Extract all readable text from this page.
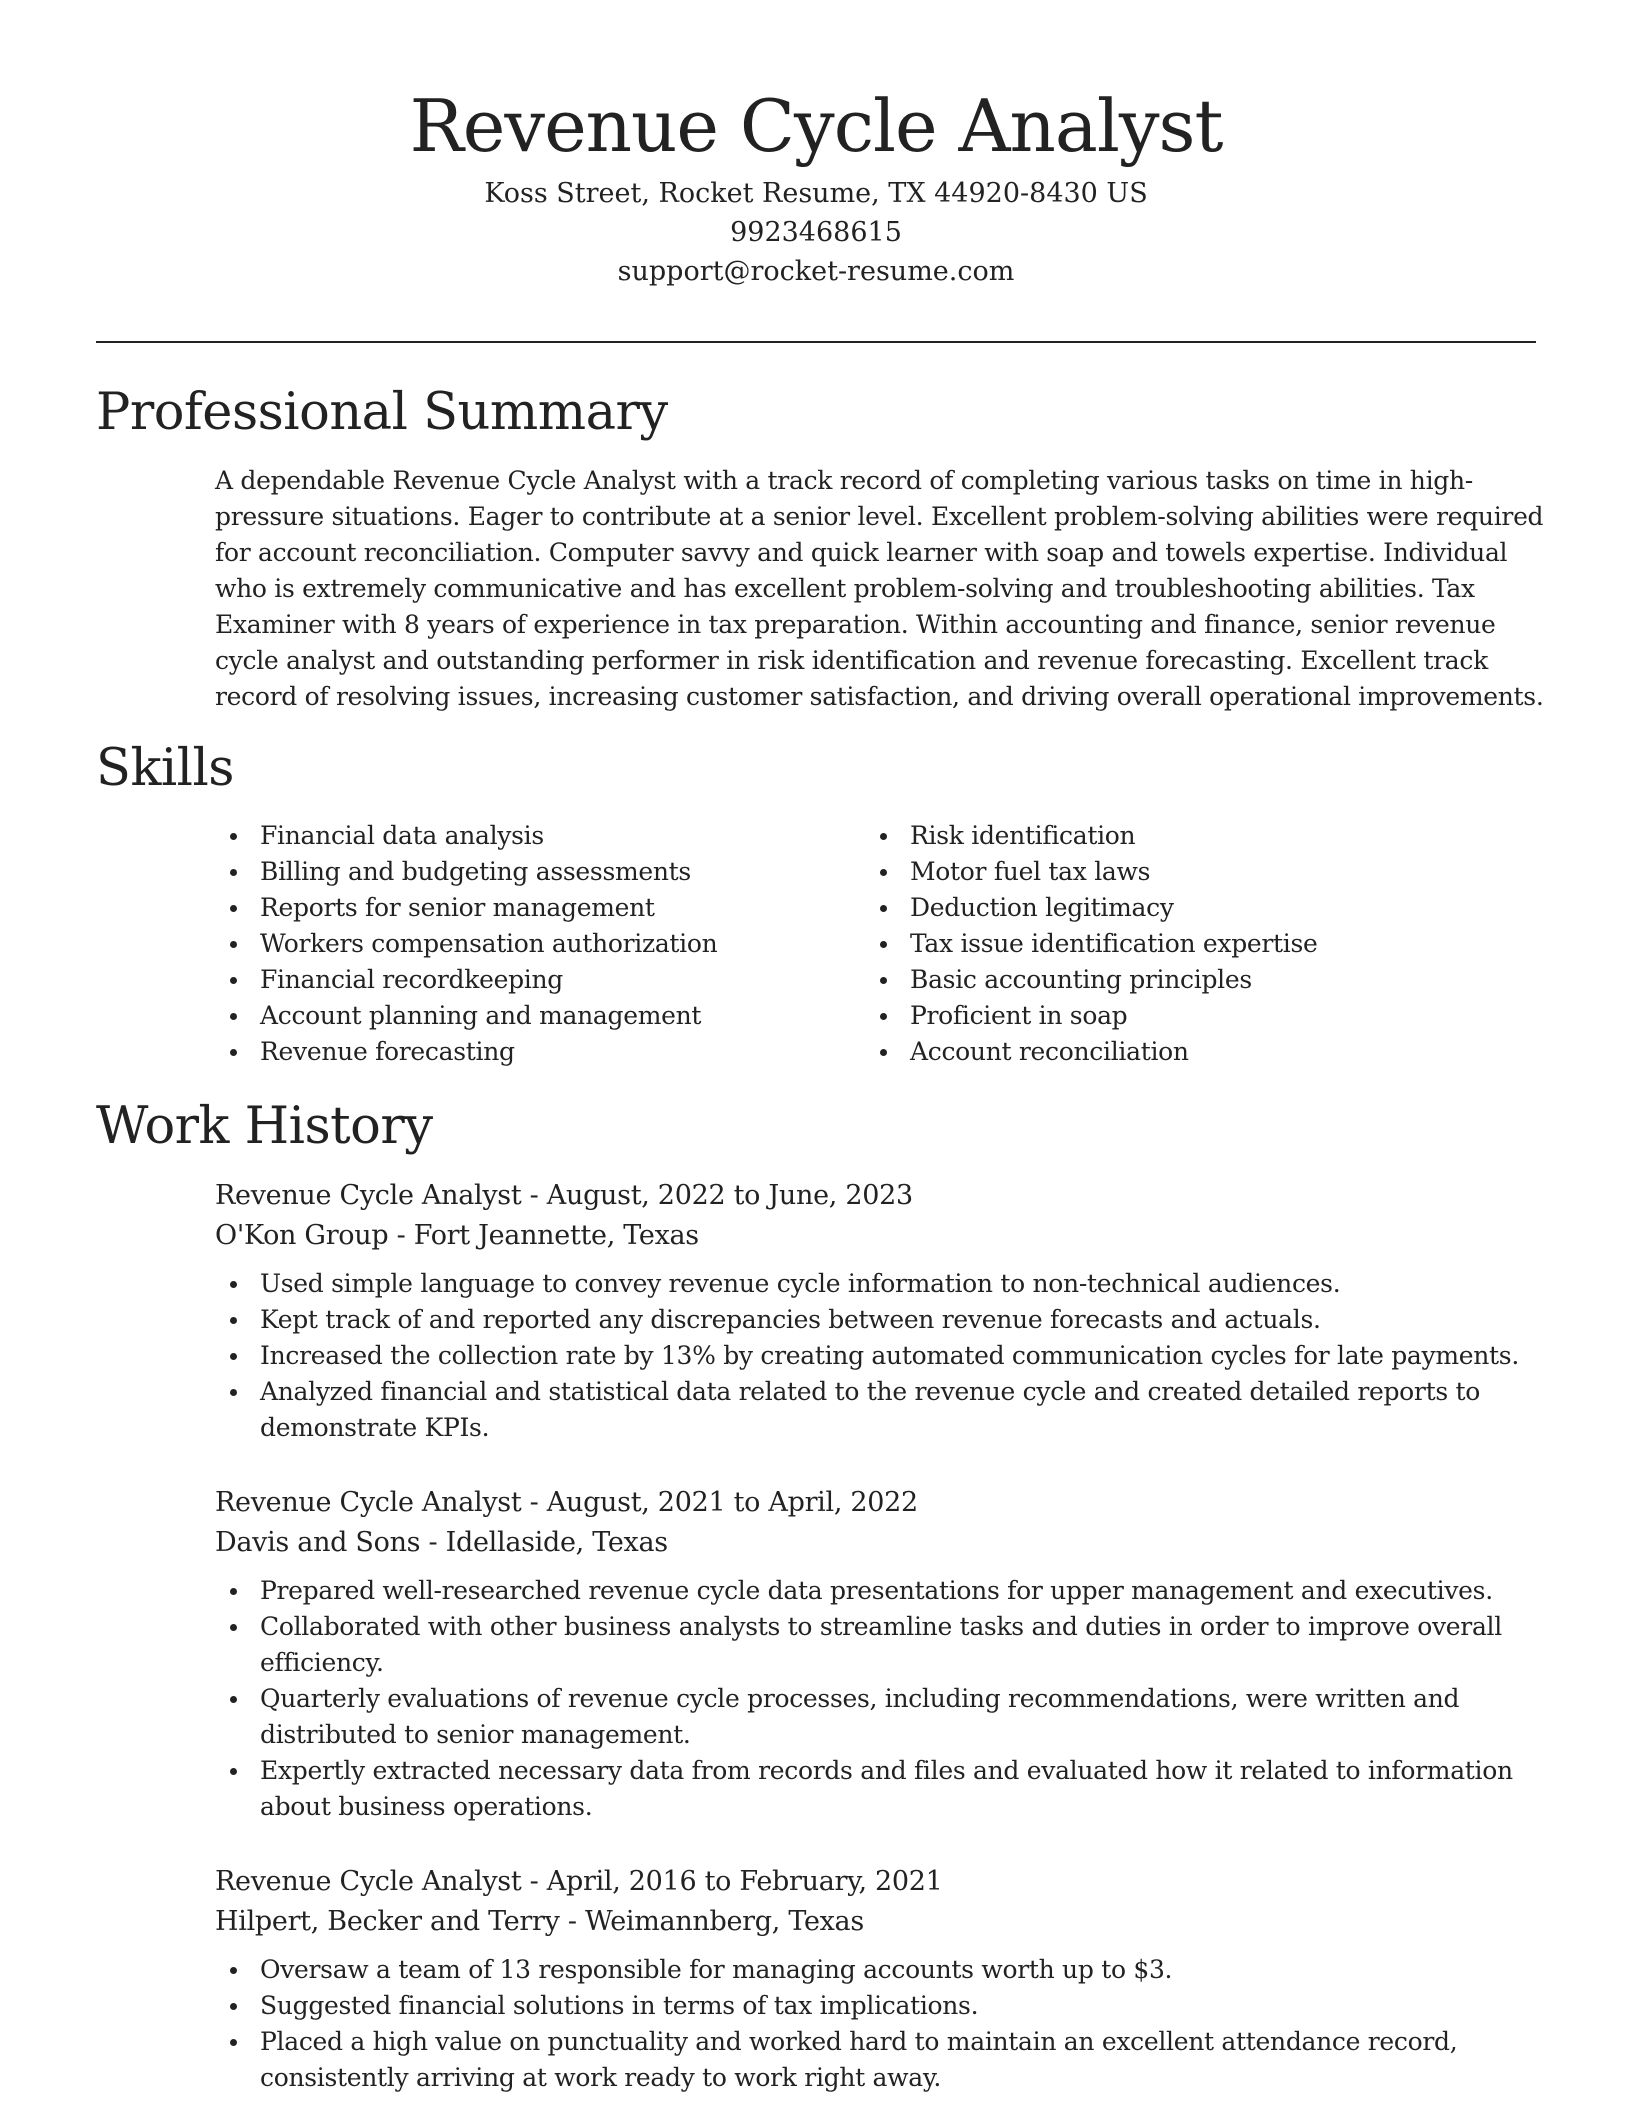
Revenue Cycle Analyst
Koss Street, Rocket Resume, TX 44920-8430 US
9923468615
support@rocket-resume.com
Professional Summary

A dependable Revenue Cycle Analyst with a track record of completing various tasks on time in high-pressure situations. Eager to contribute at a senior level. Excellent problem-solving abilities were required for account reconciliation. Computer savvy and quick learner with soap and towels expertise. Individual who is extremely communicative and has excellent problem-solving and troubleshooting abilities. Tax Examiner with 8 years of experience in tax preparation. Within accounting and finance, senior revenue cycle analyst and outstanding performer in risk identification and revenue forecasting. Excellent track record of resolving issues, increasing customer satisfaction, and driving overall operational improvements.

Skills
Financial data analysis
Billing and budgeting assessments
Reports for senior management
Workers compensation authorization
Financial recordkeeping
Account planning and management
Revenue forecasting
Risk identification
Motor fuel tax laws
Deduction legitimacy
Tax issue identification expertise
Basic accounting principles
Proficient in soap
Account reconciliation
Work History

Revenue Cycle Analyst - August, 2022 to June, 2023

O'Kon Group - Fort Jeannette, Texas

Used simple language to convey revenue cycle information to non-technical audiences.
Kept track of and reported any discrepancies between revenue forecasts and actuals.
Increased the collection rate by 13% by creating automated communication cycles for late payments.
Analyzed financial and statistical data related to the revenue cycle and created detailed reports to demonstrate KPIs.

Revenue Cycle Analyst - August, 2021 to April, 2022

Davis and Sons - Idellaside, Texas

Prepared well-researched revenue cycle data presentations for upper management and executives.
Collaborated with other business analysts to streamline tasks and duties in order to improve overall efficiency.
Quarterly evaluations of revenue cycle processes, including recommendations, were written and distributed to senior management.
Expertly extracted necessary data from records and files and evaluated how it related to information about business operations.

Revenue Cycle Analyst - April, 2016 to February, 2021

Hilpert, Becker and Terry - Weimannberg, Texas

Oversaw a team of 13 responsible for managing accounts worth up to $3.
Suggested financial solutions in terms of tax implications.
Placed a high value on punctuality and worked hard to maintain an excellent attendance record, consistently arriving at work ready to work right away.
